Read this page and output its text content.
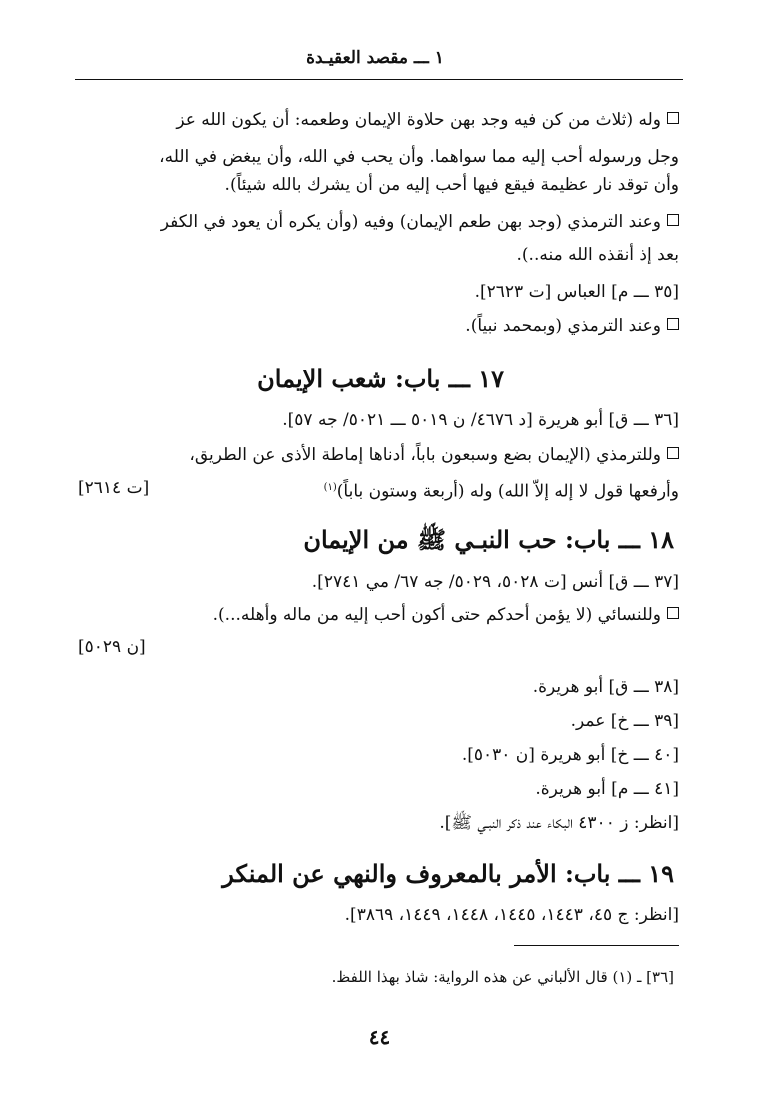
١ ـــ مقصد العقيـدة
وله (ثلاث من كن فيه وجد بهن حلاوة الإيمان وطعمه: أن يكون الله عز
وجل ورسوله أحب إليه مما سواهما. وأن يحب في الله، وأن يبغض في الله،
وأن توقد نار عظيمة فيقع فيها أحب إليه من أن يشرك بالله شيئاً).
وعند الترمذي (وجد بهن طعم الإيمان) وفيه (وأن يكره أن يعود في الكفر
بعد إذ أنقذه الله منه..).
[٣٥ ـــ م] العباس [ت ٢٦٢٣].
وعند الترمذي (وبمحمد نبياً).
١٧ ـــ باب: شعب الإيمان
[٣٦ ـــ ق] أبو هريرة [د ٤٦٧٦/ ن ٥٠١٩ ـــ ٥٠٢١/ جه ٥٧].
وللترمذي (الإيمان بضع وسبعون باباً، أدناها إماطة الأذى عن الطريق،
وأرفعها قول لا إله إلاّ الله) وله (أربعة وستون باباً)$^{(١)}$
[ت ٢٦١٤]
١٨ ـــ باب: حب النبـي ﷺ من الإيمان
[٣٧ ـــ ق] أنس [ت ٥٠٢٨، ٥٠٢٩/ جه ٦٧/ مي ٢٧٤١].
وللنسائي (لا يؤمن أحدكم حتى أكون أحب إليه من ماله وأهله...).
[ن ٥٠٢٩]
[٣٨ ـــ ق] أبو هريرة.
[٣٩ ـــ خ] عمر.
[٤٠ ـــ خ] أبو هريرة [ن ٥٠٣٠].
[٤١ ـــ م] أبو هريرة.
[انظر: ز ٤٣٠٠ البكاء عند ذكر النبـي ﷺ].
١٩ ـــ باب: الأمر بالمعروف والنهي عن المنكر
[انظر: ج ٤٥، ١٤٤٣، ١٤٤٥، ١٤٤٨، ١٤٤٩، ٣٨٦٩].
[٣٦] ـ (١) قال الألباني عن هذه الرواية: شاذ بهذا اللفظ.
٤٤
